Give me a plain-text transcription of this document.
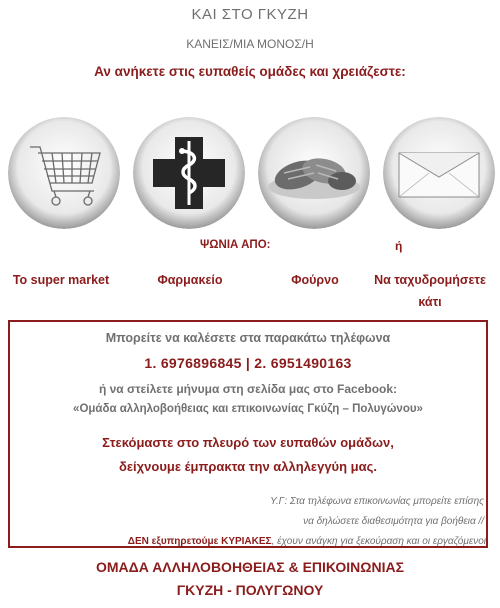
ΚΑΙ ΣΤΟ ΓΚΥΖΗ
ΚΑΝΕΙΣ/ΜΙΑ ΜΟΝΟΣ/Η
Αν ανήκετε στις ευπαθείς ομάδες και χρειάζεστε:
ΨΩΝΙΑ ΑΠΟ:	ή
To super market	Φαρμακείο	Φούρνο	Να ταχυδρομήσετε
κάτι
Μπορείτε να καλέσετε στα παρακάτω τηλέφωνα
1. 6976896845 | 2. 6951490163
ή να στείλετε μήνυμα στη σελίδα μας στο Facebook:
«Ομάδα αλληλοβοήθειας και επικοινωνίας Γκύζη – Πολυγώνου»
Στεκόμαστε στο πλευρό των ευπαθών ομάδων,
δείχνουμε έμπρακτα την αλληλεγγύη μας.
Υ.Γ: Στα τηλέφωνα επικοινωνίας μπορείτε επίσης
να δηλώσετε διαθεσιμότητα για βοήθεια //
ΔΕΝ εξυπηρετούμε ΚΥΡΙΑΚΕΣ, έχουν ανάγκη για ξεκούραση και οι εργαζόμενοι
ΟΜΑΔΑ ΑΛΛΗΛΟΒΟΗΘΕΙΑΣ & ΕΠΙΚΟΙΝΩΝΙΑΣ
ΓΚΥΖΗ - ΠΟΛΥΓΩΝΟΥ
